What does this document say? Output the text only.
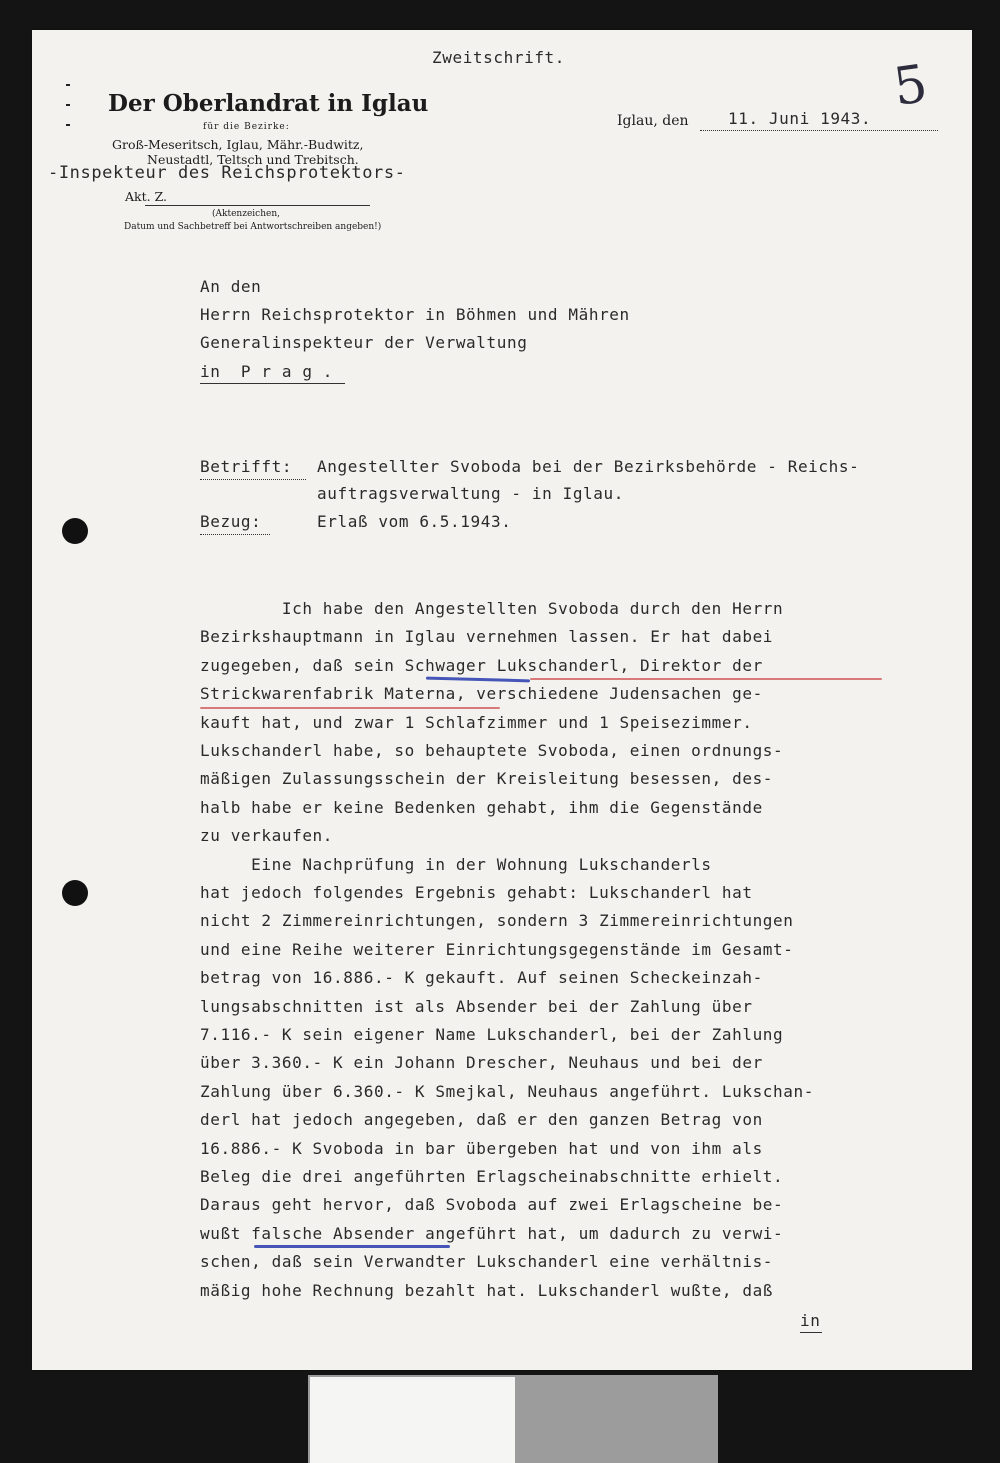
Zweitschrift.	5
Der Oberlandrat in Iglau
für die Bezirke:
Groß-Meseritsch, Iglau, Mähr.-Budwitz,
Neustadtl, Teltsch und Trebitsch.
-Inspekteur des Reichsprotektors-
Akt. Z.
(Aktenzeichen,
Datum und Sachbetreff bei Antwortschreiben angeben!)
Iglau, den 11. Juni 1943.
An den
Herrn Reichsprotektor in Böhmen und Mähren
Generalinspekteur der Verwaltung
in  P r a g .
Betrifft: Angestellter Svoboda bei der Bezirksbehörde - Reichs-
auftragsverwaltung - in Iglau.
Bezug:	Erlaß vom 6.5.1943.
Ich habe den Angestellten Svoboda durch den Herrn
Bezirkshauptmann in Iglau vernehmen lassen. Er hat dabei
zugegeben, daß sein Schwager Lukschanderl, Direktor der
Strickwarenfabrik Materna, verschiedene Judensachen ge-
kauft hat, und zwar 1 Schlafzimmer und 1 Speisezimmer.
Lukschanderl habe, so behauptete Svoboda, einen ordnungs-
mäßigen Zulassungsschein der Kreisleitung besessen, des-
halb habe er keine Bedenken gehabt, ihm die Gegenstände
zu verkaufen.
Eine Nachprüfung in der Wohnung Lukschanderls
hat jedoch folgendes Ergebnis gehabt: Lukschanderl hat
nicht 2 Zimmereinrichtungen, sondern 3 Zimmereinrichtungen
und eine Reihe weiterer Einrichtungsgegenstände im Gesamt-
betrag von 16.886.- K gekauft. Auf seinen Scheckeinzah-
lungsabschnitten ist als Absender bei der Zahlung über
7.116.- K sein eigener Name Lukschanderl, bei der Zahlung
über 3.360.- K ein Johann Drescher, Neuhaus und bei der
Zahlung über 6.360.- K Smejkal, Neuhaus angeführt. Lukschan-
derl hat jedoch angegeben, daß er den ganzen Betrag von
16.886.- K Svoboda in bar übergeben hat und von ihm als
Beleg die drei angeführten Erlagscheinabschnitte erhielt.
Daraus geht hervor, daß Svoboda auf zwei Erlagscheine be-
wußt falsche Absender angeführt hat, um dadurch zu verwi-
schen, daß sein Verwandter Lukschanderl eine verhältnis-
mäßig hohe Rechnung bezahlt hat. Lukschanderl wußte, daß
in
